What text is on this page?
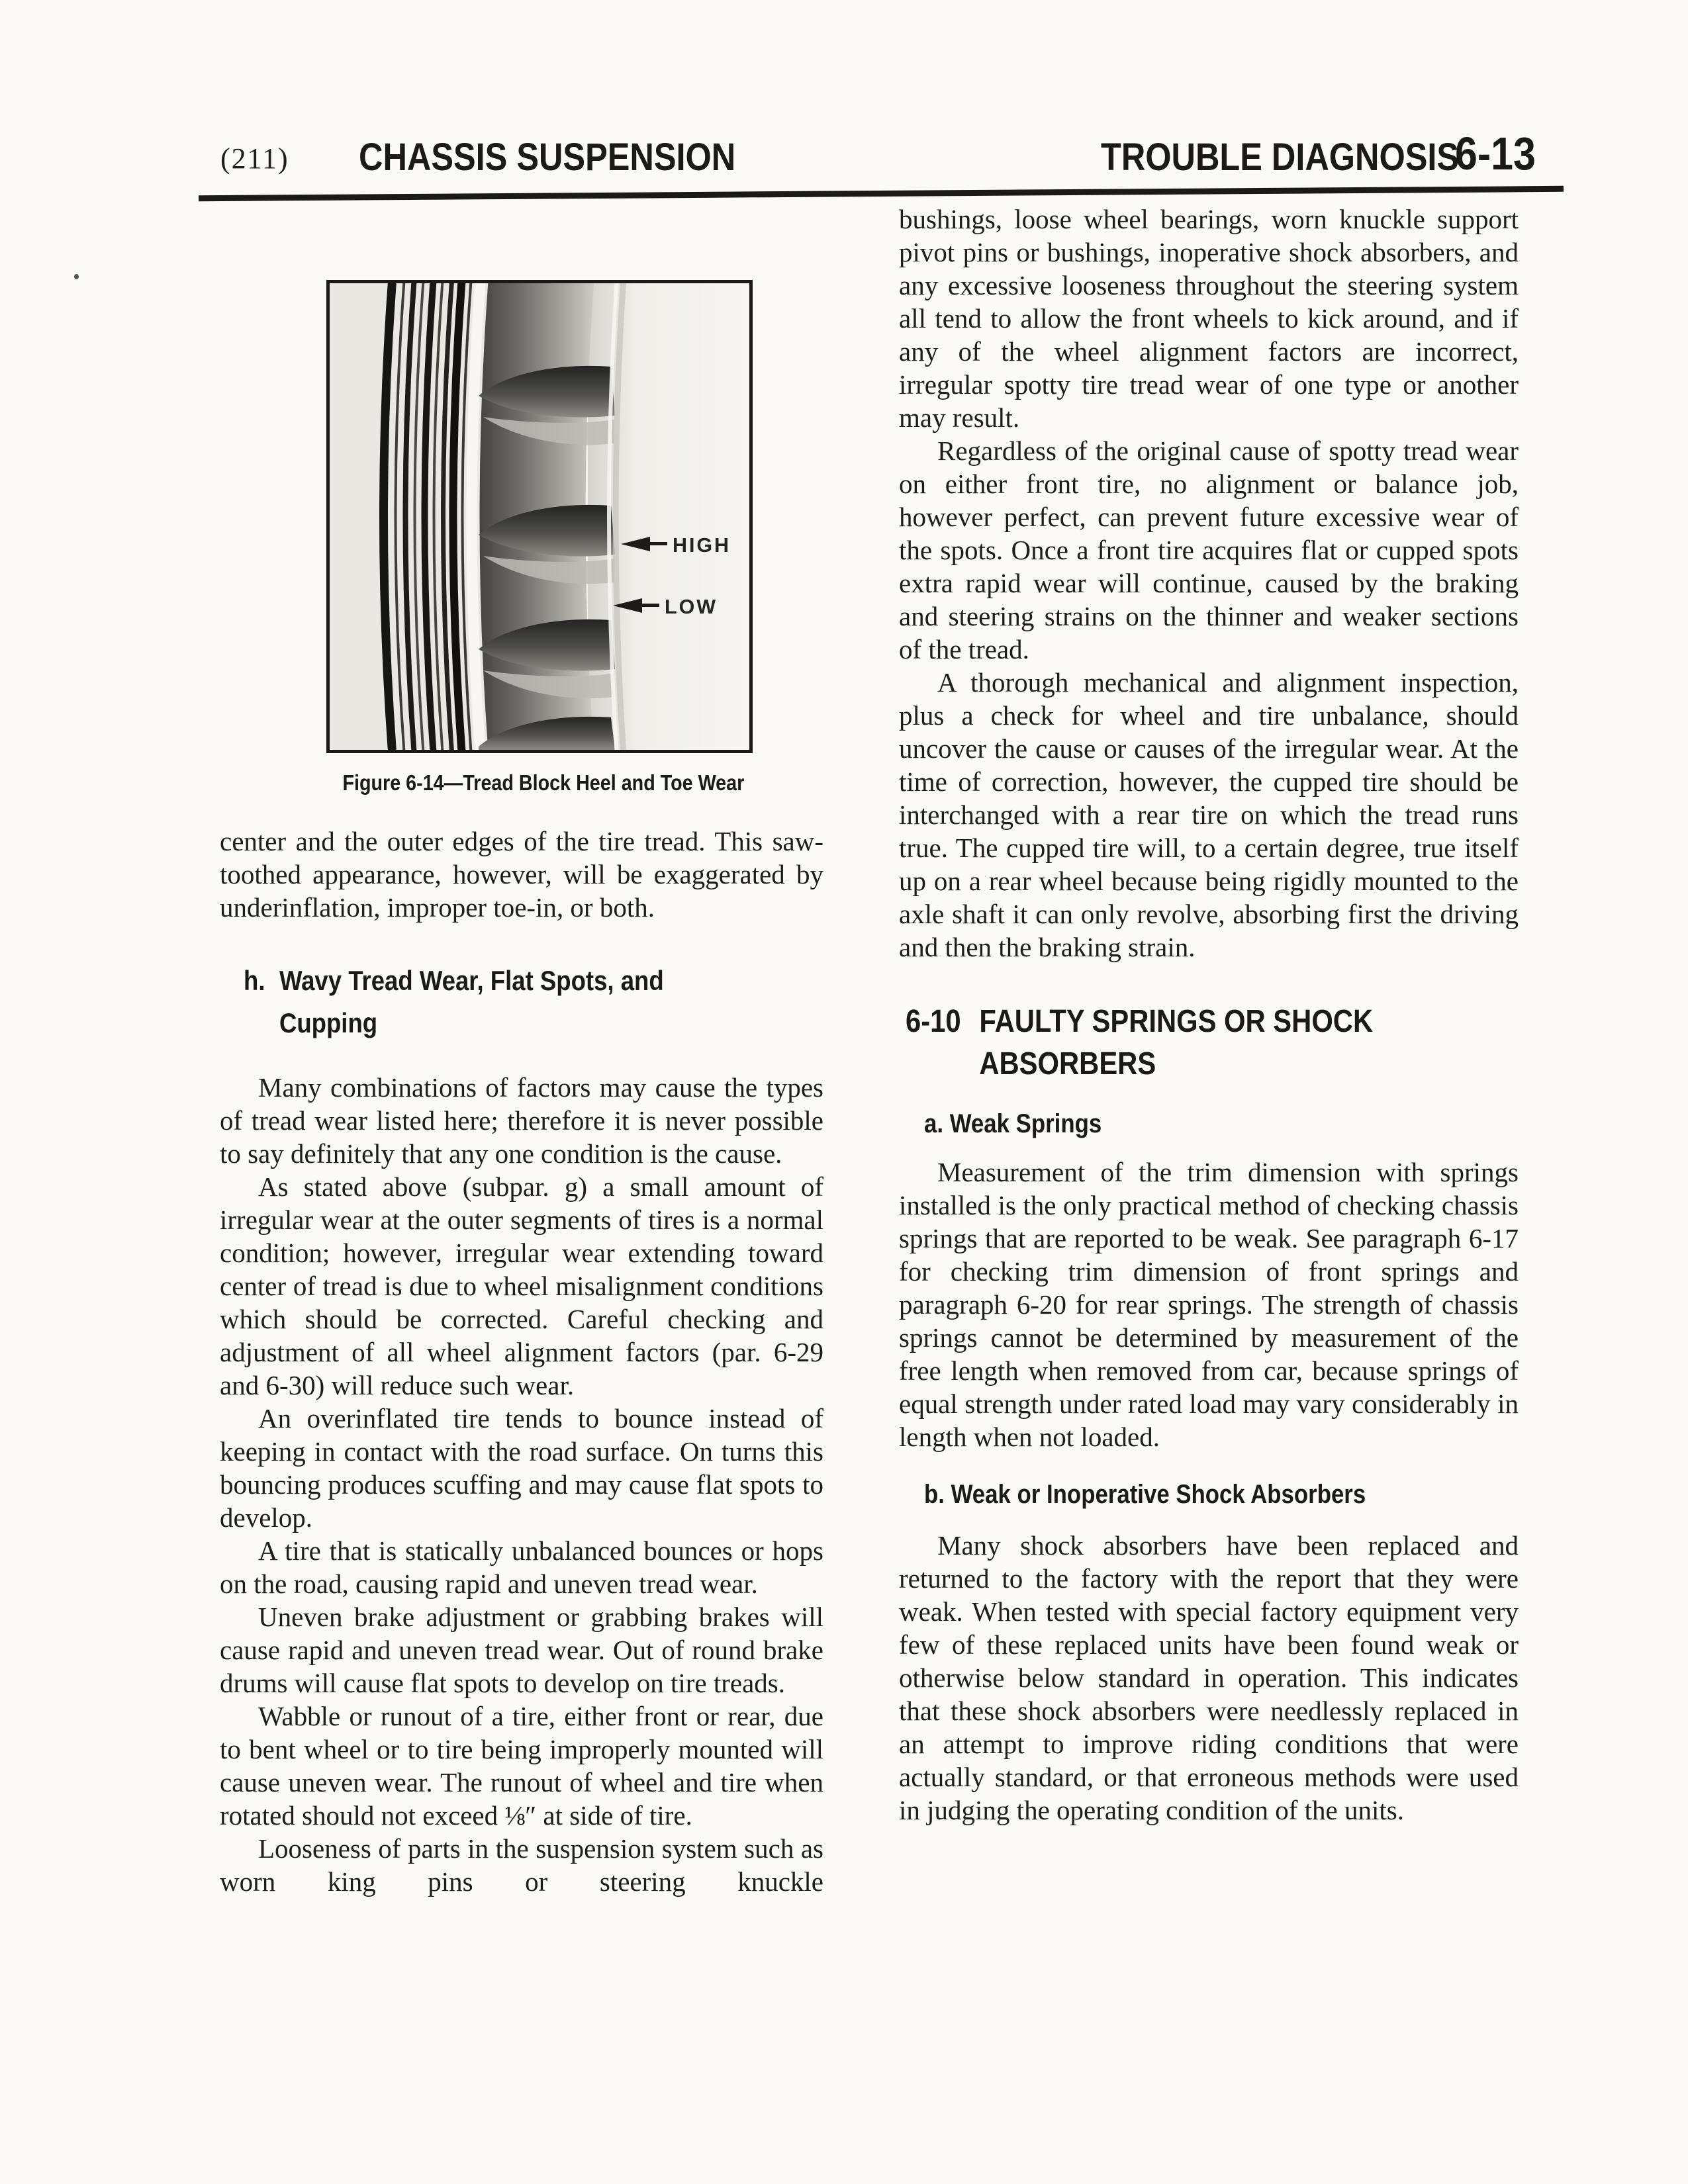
(211) CHASSIS SUSPENSION	TROUBLE DIAGNOSIS
6-13
HIGH
LOW
Figure 6-14—Tread Block Heel and Toe Wear

center and the outer edges of the tire tread. This saw-toothed appearance, however, will be exaggerated by underinflation, improper toe-in, or both.

h. Wavy Tread Wear, Flat Spots, and
Cupping

Many combinations of factors may cause the types of tread wear listed here; therefore it is never possible to say definitely that any one condition is the cause.

As stated above (subpar. g) a small amount of irregular wear at the outer segments of tires is a normal condition; however, irregular wear extending toward center of tread is due to wheel misalignment conditions which should be corrected. Careful checking and adjustment of all wheel alignment factors (par. 6-29 and 6-30) will reduce such wear.

An overinflated tire tends to bounce instead of keeping in contact with the road surface. On turns this bouncing produces scuffing and may cause flat spots to develop.

A tire that is statically unbalanced bounces or hops on the road, causing rapid and uneven tread wear.

Uneven brake adjustment or grabbing brakes will cause rapid and uneven tread wear. Out of round brake drums will cause flat spots to develop on tire treads.

Wabble or runout of a tire, either front or rear, due to bent wheel or to tire being improperly mounted will cause uneven wear. The runout of wheel and tire when rotated should not exceed ⅛″ at side of tire.

Looseness of parts in the suspension system such as worn king pins or steering knuckle

bushings, loose wheel bearings, worn knuckle support pivot pins or bushings, inoperative shock absorbers, and any excessive looseness throughout the steering system all tend to allow the front wheels to kick around, and if any of the wheel alignment factors are incorrect, irregular spotty tire tread wear of one type or another may result.

Regardless of the original cause of spotty tread wear on either front tire, no alignment or balance job, however perfect, can prevent future excessive wear of the spots. Once a front tire acquires flat or cupped spots extra rapid wear will continue, caused by the braking and steering strains on the thinner and weaker sections of the tread.

A thorough mechanical and alignment inspection, plus a check for wheel and tire unbalance, should uncover the cause or causes of the irregular wear. At the time of correction, however, the cupped tire should be interchanged with a rear tire on which the tread runs true. The cupped tire will, to a certain degree, true itself up on a rear wheel because being rigidly mounted to the axle shaft it can only revolve, absorbing first the driving and then the braking strain.

6-10 FAULTY SPRINGS OR SHOCK
ABSORBERS
a. Weak Springs

Measurement of the trim dimension with springs installed is the only practical method of checking chassis springs that are reported to be weak. See paragraph 6-17 for checking trim dimension of front springs and paragraph 6-20 for rear springs. The strength of chassis springs cannot be determined by measurement of the free length when removed from car, because springs of equal strength under rated load may vary considerably in length when not loaded.

b. Weak or Inoperative Shock Absorbers

Many shock absorbers have been replaced and returned to the factory with the report that they were weak. When tested with special factory equipment very few of these replaced units have been found weak or otherwise below standard in operation. This indicates that these shock absorbers were needlessly replaced in an attempt to improve riding conditions that were actually standard, or that erroneous methods were used in judging the operating condition of the units.
